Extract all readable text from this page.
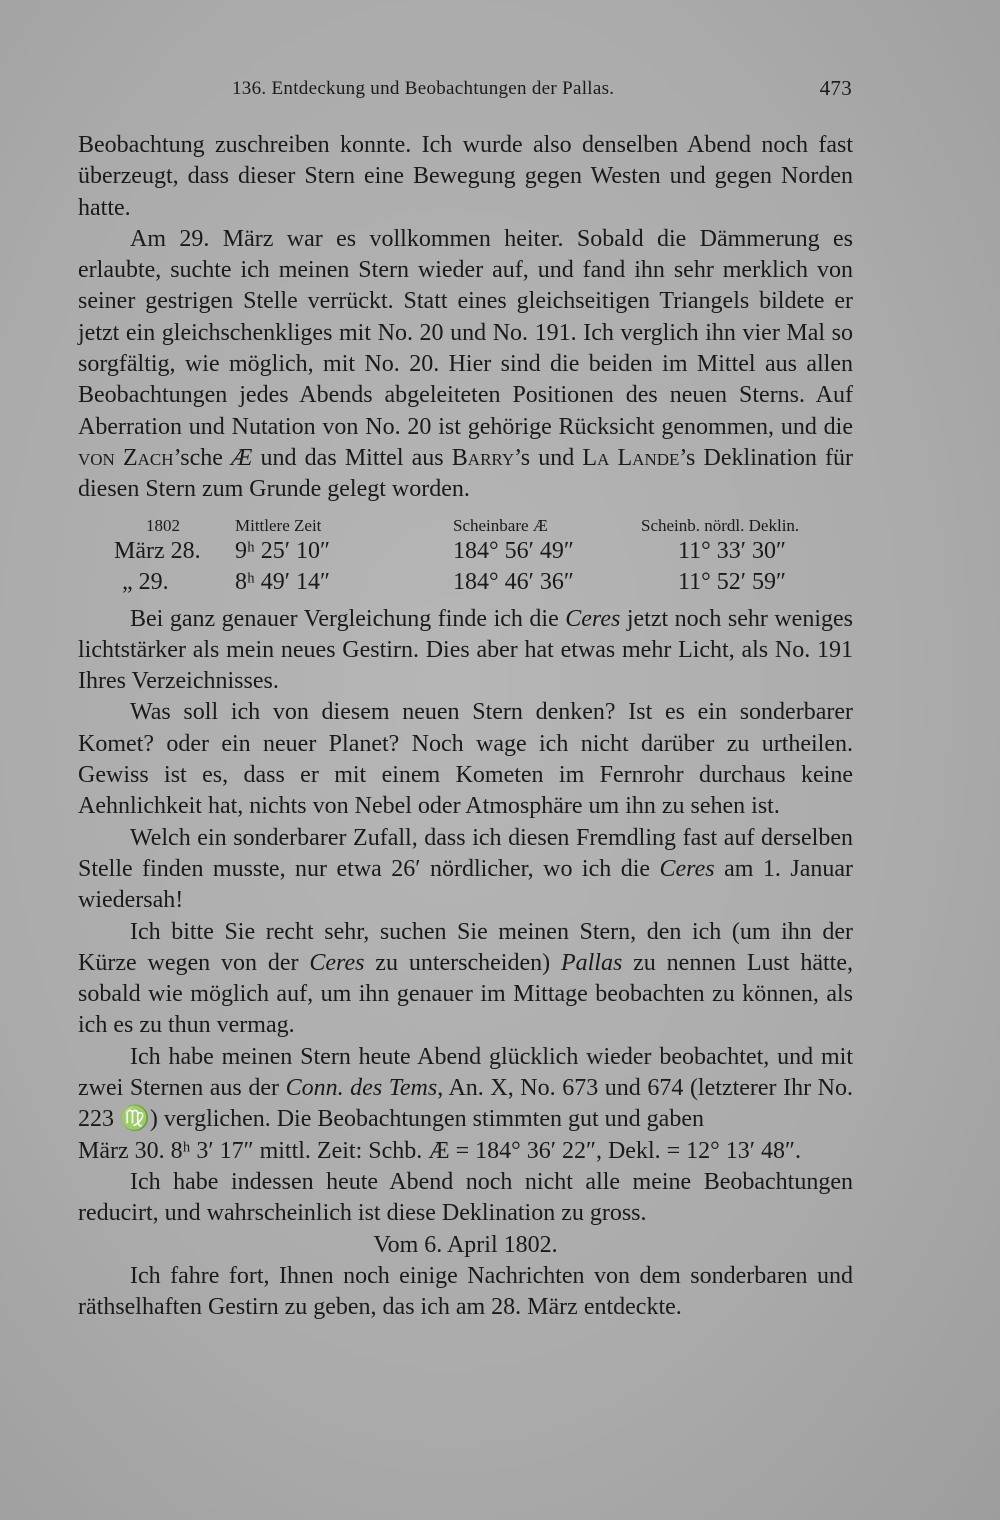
136. Entdeckung und Beobachtungen der Pallas.	473

Beobachtung zuschreiben konnte. Ich wurde also denselben Abend noch fast überzeugt, dass dieser Stern eine Bewegung gegen Westen und gegen Norden hatte.

Am 29. März war es vollkommen heiter. Sobald die Dämmerung es erlaubte, suchte ich meinen Stern wieder auf, und fand ihn sehr merklich von seiner gestrigen Stelle verrückt. Statt eines gleichseitigen Triangels bildete er jetzt ein gleichschenkliges mit No. 20 und No. 191. Ich verglich ihn vier Mal so sorgfältig, wie möglich, mit No. 20. Hier sind die beiden im Mittel aus allen Beobachtungen jedes Abends abgeleiteten Positionen des neuen Sterns. Auf Aberration und Nutation von No. 20 ist gehörige Rücksicht genommen, und die von Zach’sche Æ und das Mittel aus Barry’s und La Lande’s Deklination für diesen Stern zum Grunde gelegt worden.

1802	Mittlere Zeit	Scheinbare Æ	Scheinb. nördl. Deklin.
März 28. 9ʰ 25′ 10″	184° 56′ 49″	11° 33′ 30″
„ 29.	8ʰ 49′ 14″	184° 46′ 36″	11° 52′ 59″

Bei ganz genauer Vergleichung finde ich die Ceres jetzt noch sehr weniges lichtstärker als mein neues Gestirn. Dies aber hat etwas mehr Licht, als No. 191 Ihres Verzeichnisses.

Was soll ich von diesem neuen Stern denken? Ist es ein sonderbarer Komet? oder ein neuer Planet? Noch wage ich nicht darüber zu urtheilen. Gewiss ist es, dass er mit einem Kometen im Fernrohr durchaus keine Aehnlichkeit hat, nichts von Nebel oder Atmosphäre um ihn zu sehen ist.

Welch ein sonderbarer Zufall, dass ich diesen Fremdling fast auf derselben Stelle finden musste, nur etwa 26′ nördlicher, wo ich die Ceres am 1. Januar wiedersah!

Ich bitte Sie recht sehr, suchen Sie meinen Stern, den ich (um ihn der Kürze wegen von der Ceres zu unterscheiden) Pallas zu nennen Lust hätte, sobald wie möglich auf, um ihn genauer im Mittage beobachten zu können, als ich es zu thun vermag.

Ich habe meinen Stern heute Abend glücklich wieder beobachtet, und mit zwei Sternen aus der Conn. des Tems, An. X, No. 673 und 674 (letzterer Ihr No. 223 ♍) verglichen. Die Beobachtungen stimmten gut und gaben

März 30. 8ʰ 3′ 17″ mittl. Zeit: Schb. Æ = 184° 36′ 22″, Dekl. = 12° 13′ 48″.

Ich habe indessen heute Abend noch nicht alle meine Beobachtungen reducirt, und wahrscheinlich ist diese Deklination zu gross.

Vom 6. April 1802.

Ich fahre fort, Ihnen noch einige Nachrichten von dem sonderbaren und räthselhaften Gestirn zu geben, das ich am 28. März entdeckte.
